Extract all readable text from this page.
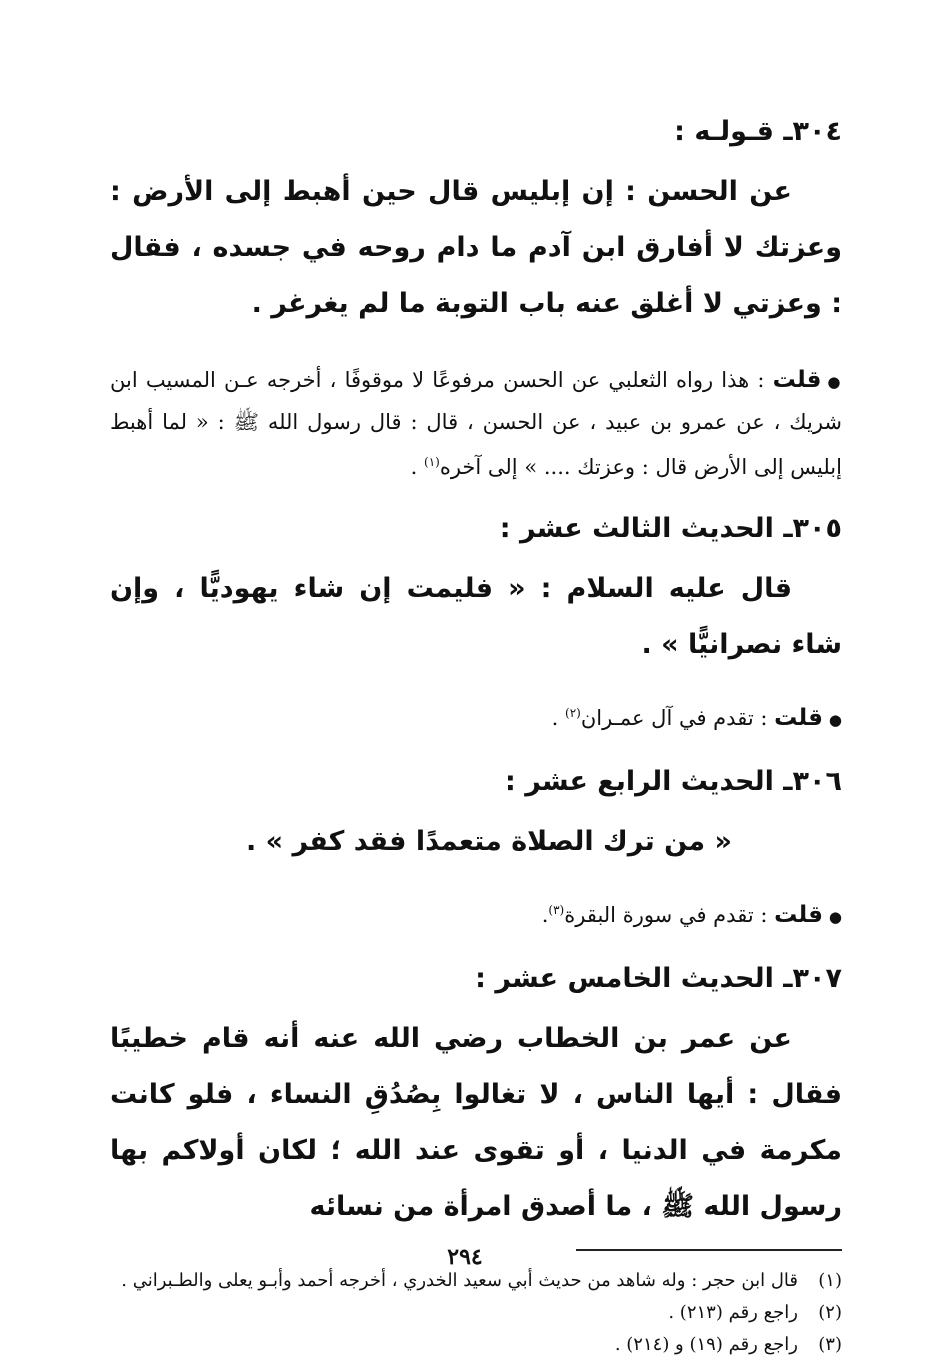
٣٠٤ـ قـولـه :

عن الحسن : إن إبليس قال حين أهبط إلى الأرض : وعزتك لا أفارق ابن آدم ما دام روحه في جسده ، فقال : وعزتي لا أغلق عنه باب التوبة ما لم يغرغر .

●قلت : هذا رواه الثعلبي عن الحسن مرفوعًا لا موقوفًا ، أخرجه عـن المسيب ابن شريك ، عن عمرو بن عبيد ، عن الحسن ، قال : قال رسول الله ﷺ : « لما أهبط إبليس إلى الأرض قال : وعزتك .... » إلى آخره$^{(١)}$ .

٣٠٥ـ الحديث الثالث عشر :

قال عليه السلام : « فليمت إن شاء يهوديًّا ، وإن شاء نصرانيًّا » .

●قلت : تقدم في آل عمـران$^{(٢)}$ .

٣٠٦ـ الحديث الرابع عشر :

« من ترك الصلاة متعمدًا فقد كفر » .

●قلت : تقدم في سورة البقرة$^{(٣)}$.

٣٠٧ـ الحديث الخامس عشر :

عن عمر بن الخطاب رضي الله عنه أنه قام خطيبًا فقال : أيها الناس ، لا تغالوا بِصُدُقِ النساء ، فلو كانت مكرمة في الدنيا ، أو تقوى عند الله ؛ لكان أولاكم بها رسول الله ﷺ ، ما أصدق امرأة من نسائه

(١)
قال ابن حجر : وله شاهد من حديث أبي سعيد الخدري ، أخرجه أحمد وأبـو يعلى والطـبراني .

(٢)
راجع رقم (٢١٣) .

(٣)
راجع رقم (١٩) و (٢١٤) .

٢٩٤
